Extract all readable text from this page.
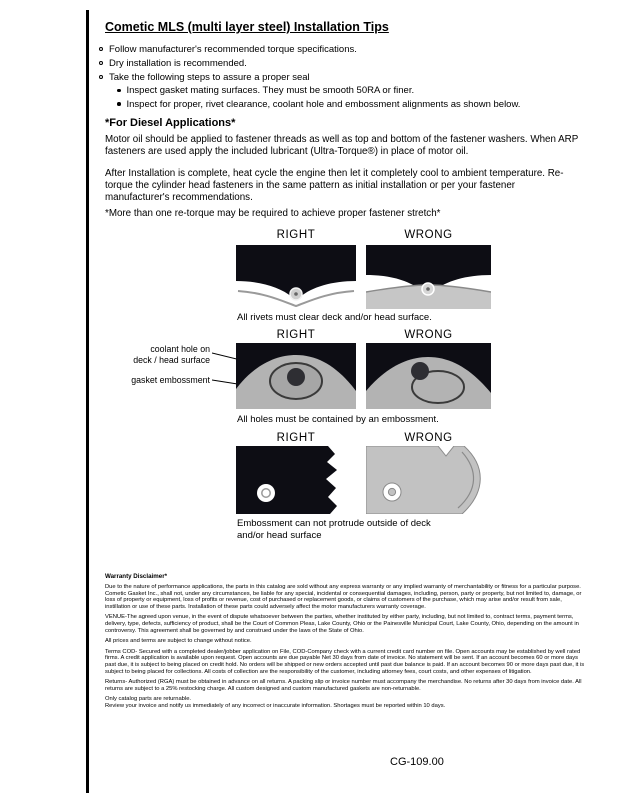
Cometic MLS (multi layer steel) Installation Tips
Follow manufacturer's recommended torque specifications.
Dry installation is recommended.
Take the following steps to assure a proper seal
Inspect gasket mating surfaces. They must be smooth 50RA or finer.
Inspect for proper, rivet clearance, coolant hole and embossment alignments as shown below.
*For Diesel Applications*

Motor oil should be applied to fastener threads as well as top and bottom of the fastener washers. When ARP fasteners are used apply the included lubricant (Ultra-Torque®) in place of motor oil.

After Installation is complete, heat cycle the engine then let it completely cool to ambient temperature. Re-torque the cylinder head fasteners in the same pattern as initial installation or per your fastener manufacturer's recommendations.

*More than one re-torque may be required to achieve proper fastener stretch*

RIGHT	WRONG

All rivets must clear deck and/or head surface.

RIGHT	WRONG
coolant hole on
deck / head surface
gasket embossment

All holes must be contained by an embossment.

RIGHT	WRONG

Embossment can not protrude outside of deck and/or head surface

Warranty Disclaimer*

Due to the nature of performance applications, the parts in this catalog are sold without any express warranty or any implied warranty of merchantability or fitness for a particular purpose. Cometic Gasket Inc., shall not, under any circumstances, be liable for any special, incidental or consequential damages, including, person, party or property, but not limited to, damage, or loss of property or equipment, loss of profits or revenue, cost of purchased or replacement goods, or claims of customers of the purchase, which may arise and/or result from sale, instillation or use of these parts. Installation of these parts could adversely affect the motor manufacturers warranty coverage.

VENUE-The agreed upon venue, in the event of dispute whatsoever between the parties, whether instituted by either party, including, but not limited to, contract terms, payment terms, delivery, type, defects, sufficiency of product, shall be the Court of Common Pleas, Lake County, Ohio or the Painesville Municipal Court, Lake County, Ohio, depending on the amount in controversy. This agreement shall be governed by and construed under the laws of the State of Ohio.

All prices and terms are subject to change without notice.

Terms COD- Secured with a completed dealer/jobber application on File, COD-Company check with a current credit card number on file. Open accounts may be established by well rated firms. A credit application is available upon request. Open accounts are due payable Net 30 days from date of invoice. No statement will be sent. If an account becomes 60 or more days past due, it is subject to being placed on credit hold. No orders will be shipped or new orders accepted until past due balance is paid. If an account becomes 90 or more days past due, it is subject to being placed for collections. All costs of collection are the responsibility of the customer, including attorney fees, court costs, and other expenses of litigation.

Returns- Authorized (RGA) must be obtained in advance on all returns. A packing slip or invoice number must accompany the merchandise. No returns after 30 days from invoice date. All returns are subject to a 25% restocking charge. All custom designed and custom manufactured gaskets are non-returnable.

Only catalog parts are returnable.

Review your invoice and notify us immediately of any incorrect or inaccurate information. Shortages must be reported within 10 days.

CG-109.00
